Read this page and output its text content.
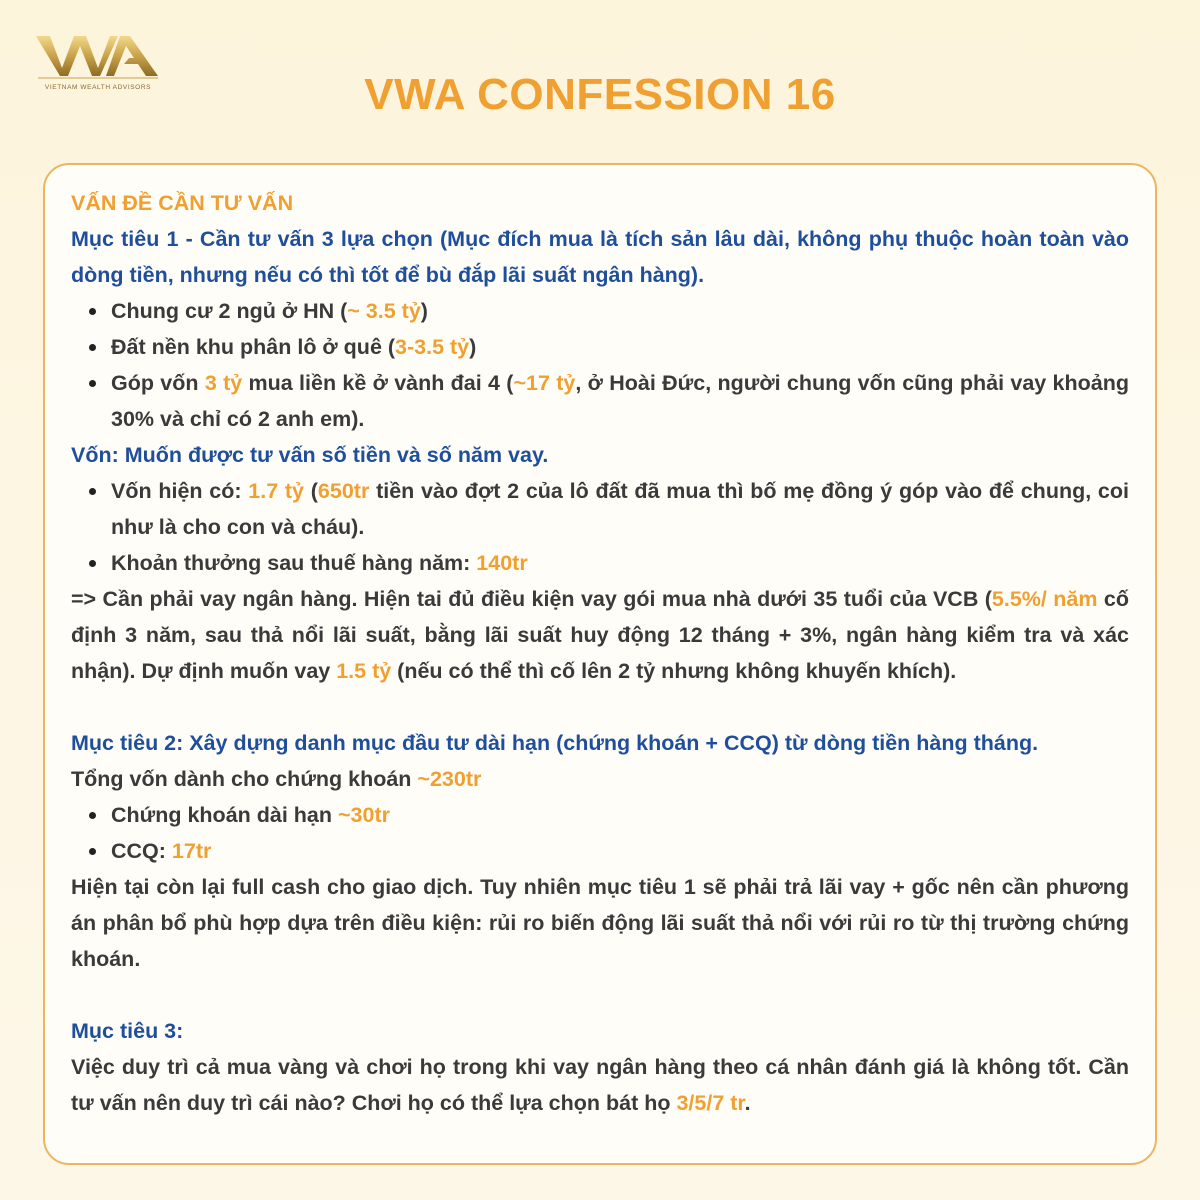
VIETNAM WEALTH ADVISORS	VWA CONFESSION 16
VẤN ĐỀ CẦN TƯ VẤN
Mục tiêu 1 - Cần tư vấn 3 lựa chọn (Mục đích mua là tích sản lâu dài, không phụ thuộc hoàn toàn vào dòng tiền, nhưng nếu có thì tốt để bù đắp lãi suất ngân hàng).
Chung cư 2 ngủ ở HN (~ 3.5 tỷ)
Đất nền khu phân lô ở quê (3-3.5 tỷ)
Góp vốn 3 tỷ mua liền kề ở vành đai 4 (~17 tỷ, ở Hoài Đức, người chung vốn cũng phải vay khoảng 30% và chỉ có 2 anh em).
Vốn: Muốn được tư vấn số tiền và số năm vay.
Vốn hiện có: 1.7 tỷ (650tr tiền vào đợt 2 của lô đất đã mua thì bố mẹ đồng ý góp vào để chung, coi như là cho con và cháu).
Khoản thưởng sau thuế hàng năm: 140tr
=> Cần phải vay ngân hàng. Hiện tai đủ điều kiện vay gói mua nhà dưới 35 tuổi của VCB (5.5%/ năm cố định 3 năm, sau thả nổi lãi suất, bằng lãi suất huy động 12 tháng + 3%, ngân hàng kiểm tra và xác nhận). Dự định muốn vay 1.5 tỷ (nếu có thể thì cố lên 2 tỷ nhưng không khuyến khích).
Mục tiêu 2: Xây dựng danh mục đầu tư dài hạn (chứng khoán + CCQ) từ dòng tiền hàng tháng.
Tổng vốn dành cho chứng khoán ~230tr
Chứng khoán dài hạn ~30tr
CCQ: 17tr
Hiện tại còn lại full cash cho giao dịch. Tuy nhiên mục tiêu 1 sẽ phải trả lãi vay + gốc nên cần phương án phân bổ phù hợp dựa trên điều kiện: rủi ro biến động lãi suất thả nổi với rủi ro từ thị trường chứng khoán.
Mục tiêu 3:
Việc duy trì cả mua vàng và chơi họ trong khi vay ngân hàng theo cá nhân đánh giá là không tốt. Cần tư vấn nên duy trì cái nào? Chơi họ có thể lựa chọn bát họ 3/5/7 tr.
